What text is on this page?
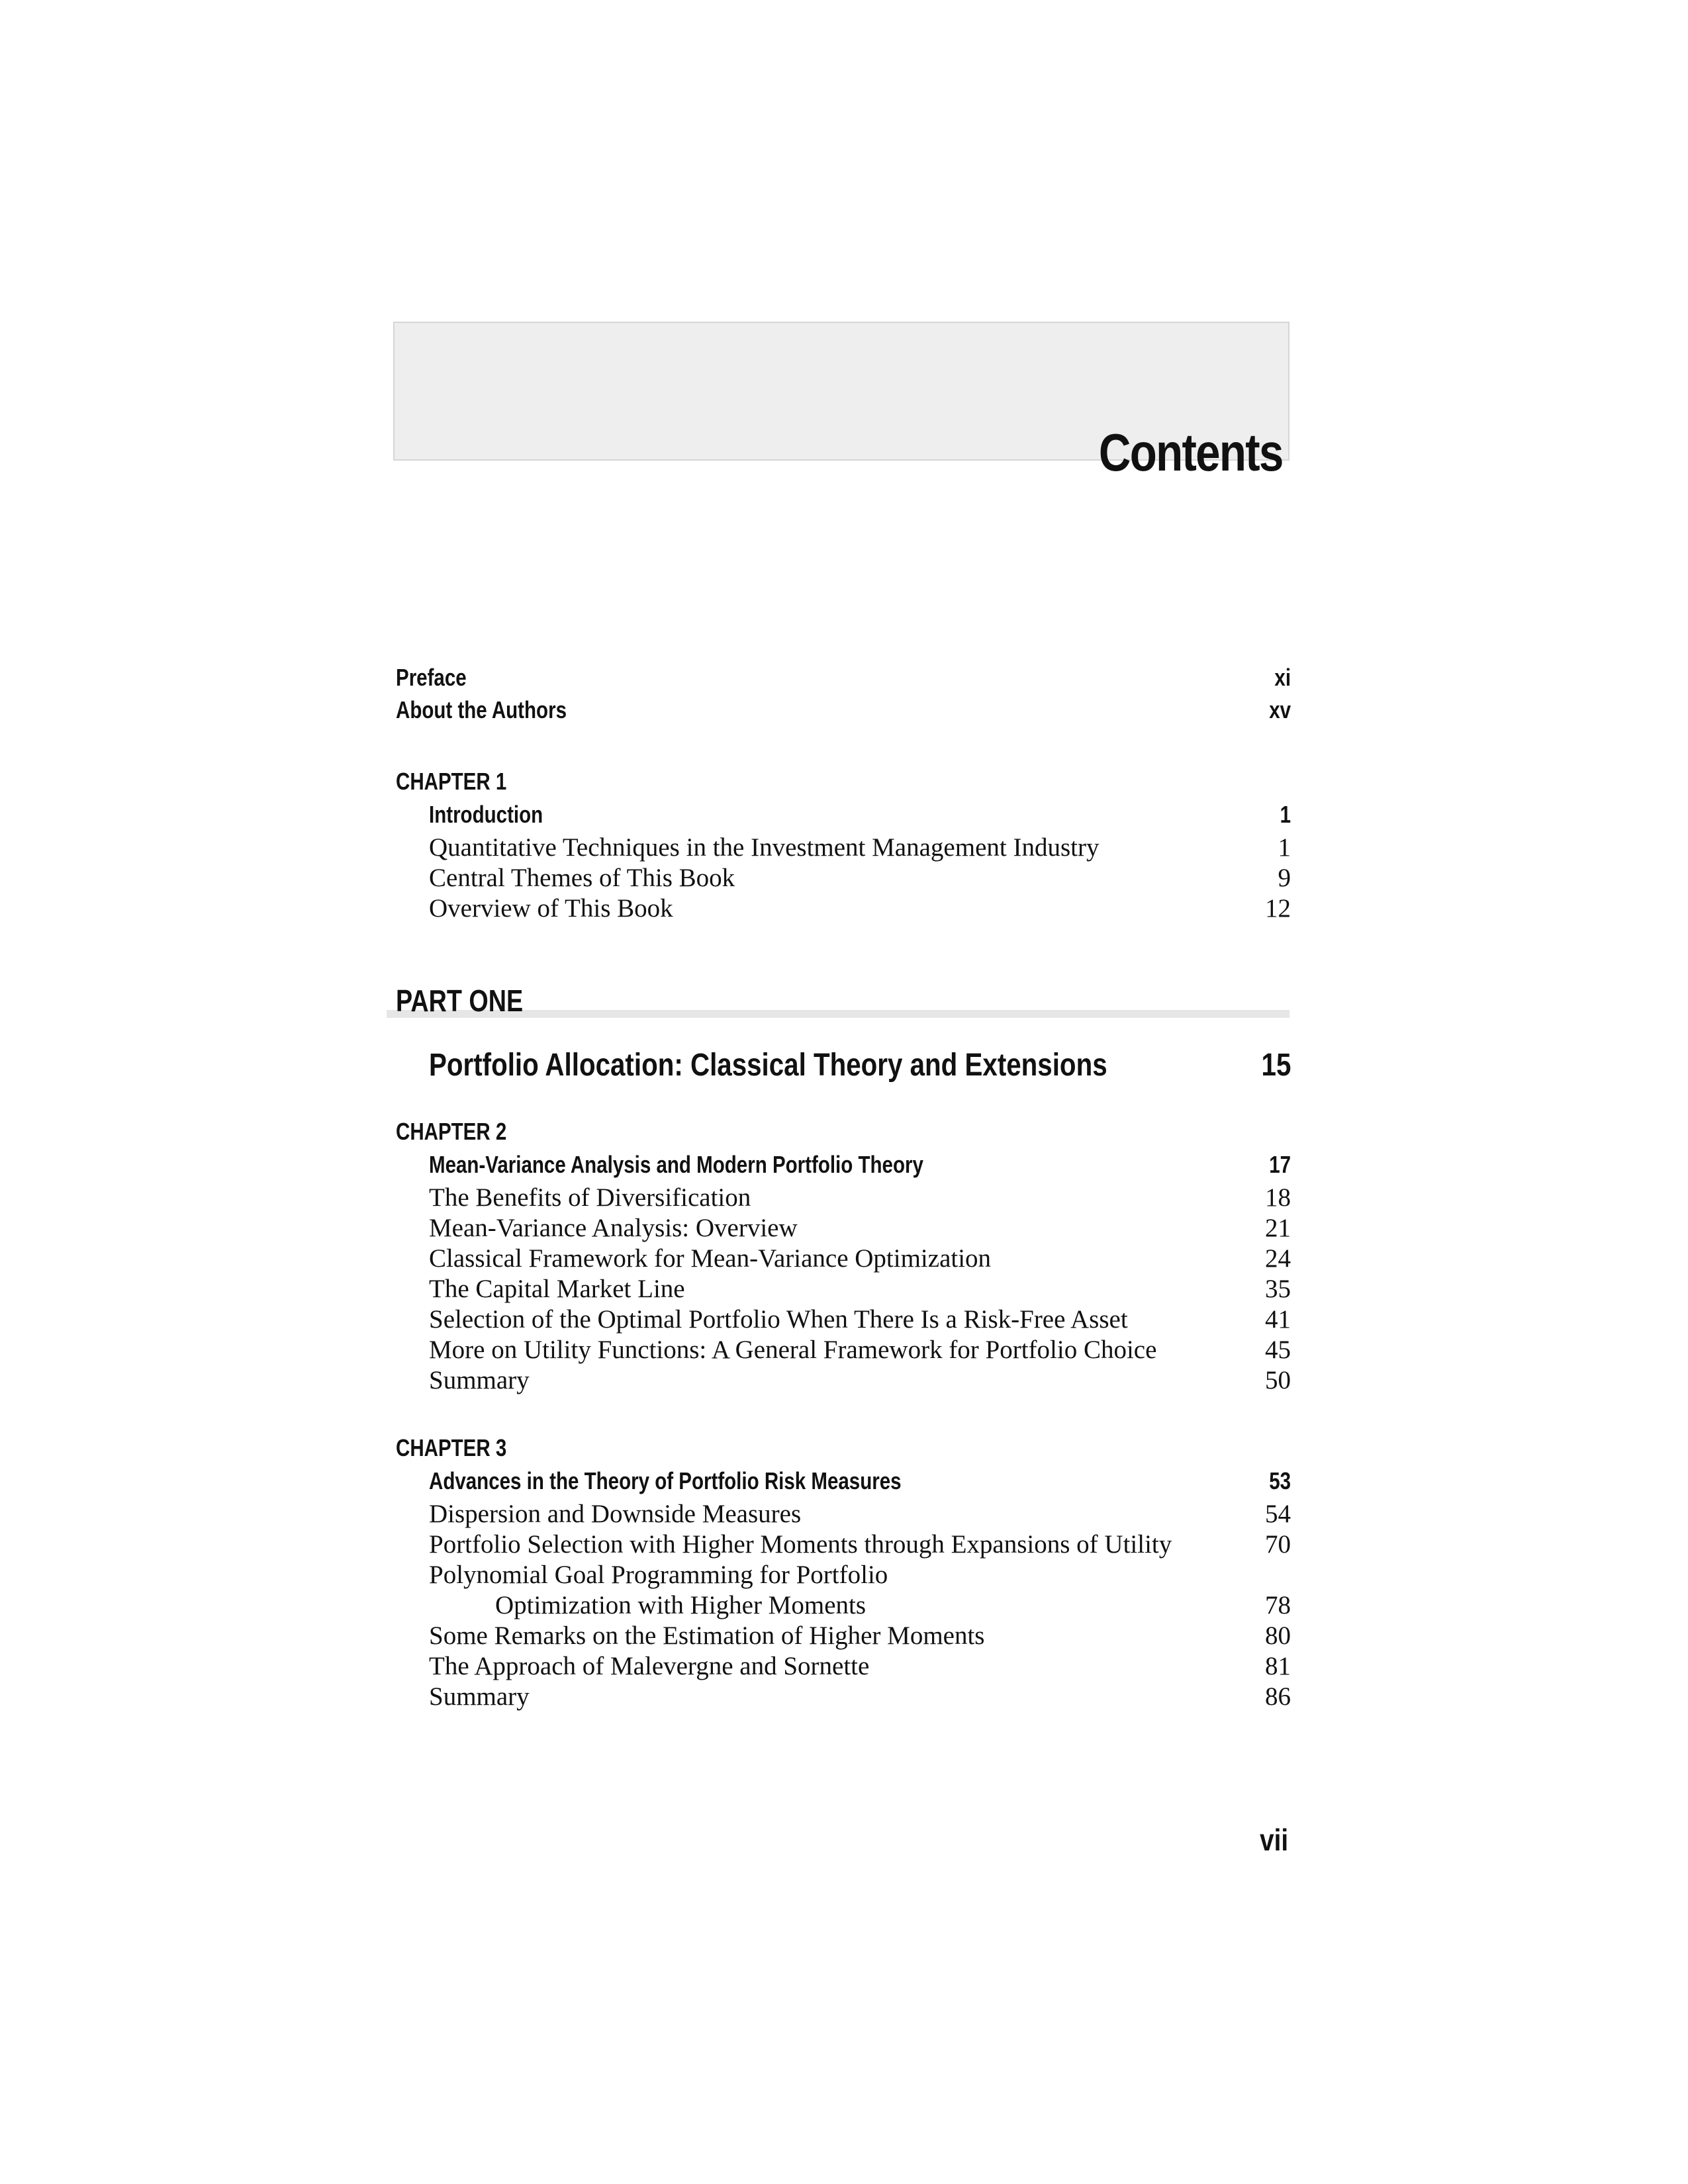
Contents
Preface	xi
About the Authors	xv
CHAPTER 1
Introduction	1
Quantitative Techniques in the Investment Management Industry	1
Central Themes of This Book	9
Overview of This Book	12
PART ONE
Portfolio Allocation: Classical Theory and Extensions	15
CHAPTER 2
Mean-Variance Analysis and Modern Portfolio Theory	17
The Benefits of Diversification	18
Mean-Variance Analysis: Overview	21
Classical Framework for Mean-Variance Optimization	24
The Capital Market Line	35
Selection of the Optimal Portfolio When There Is a Risk-Free Asset	41
More on Utility Functions: A General Framework for Portfolio Choice	45
Summary	50
CHAPTER 3
Advances in the Theory of Portfolio Risk Measures	53
Dispersion and Downside Measures	54
Portfolio Selection with Higher Moments through Expansions of Utility	70
Polynomial Goal Programming for Portfolio
Optimization with Higher Moments	78
Some Remarks on the Estimation of Higher Moments	80
The Approach of Malevergne and Sornette	81
Summary	86
vii
